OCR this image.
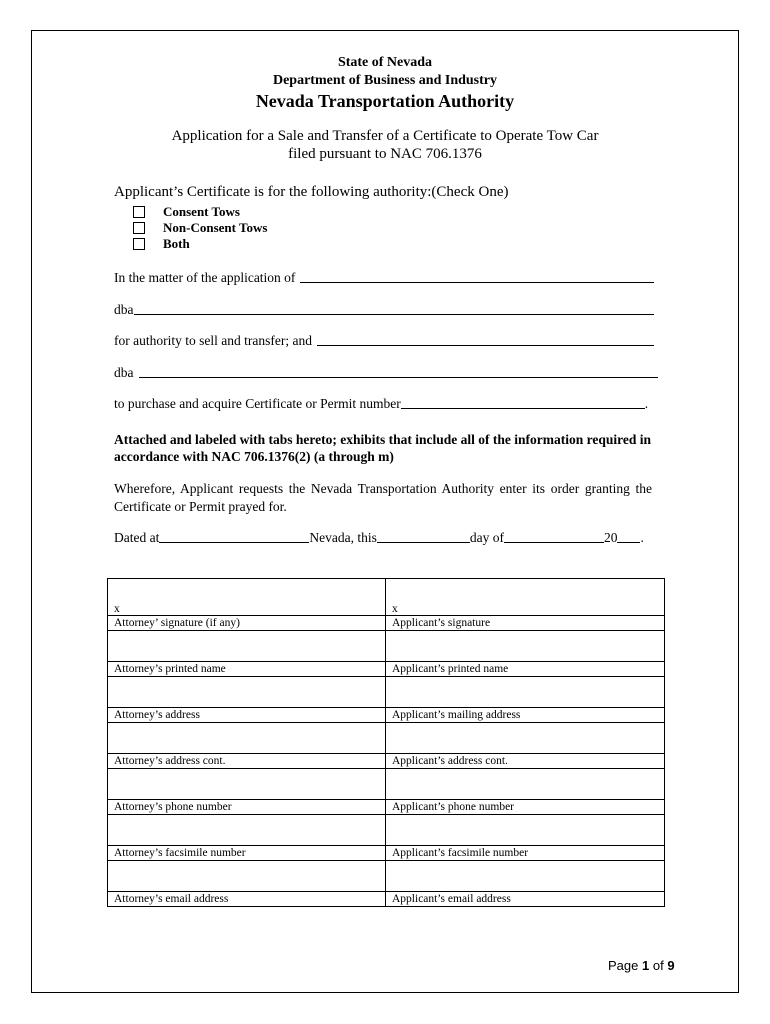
State of Nevada
Department of Business and Industry
Nevada Transportation Authority
Application for a Sale and Transfer of a Certificate to Operate Tow Car
filed pursuant to NAC 706.1376
Applicant’s Certificate is for the following authority:(Check One)
Consent Tows
Non-Consent Tows
Both
In the matter of the application of
dba
for authority to sell and transfer; and
dba
to purchase and acquire Certificate or Permit number	.
Attached and labeled with tabs hereto; exhibits that include all of the information required in accordance with NAC 706.1376(2) (a through m)
Wherefore, Applicant requests the Nevada Transportation Authority enter its order granting the Certificate or Permit prayed for.
Dated at	Nevada, this	day of	20 .
x	x
Attorney’ signature (if any)	Applicant’s signature

Attorney’s printed name	Applicant’s printed name

Attorney’s address	Applicant’s mailing address

Attorney’s address cont.	Applicant’s address cont.

Attorney’s phone number	Applicant’s phone number

Attorney’s facsimile number	Applicant’s facsimile number

Attorney’s email address	Applicant’s email address
Page 1 of 9
